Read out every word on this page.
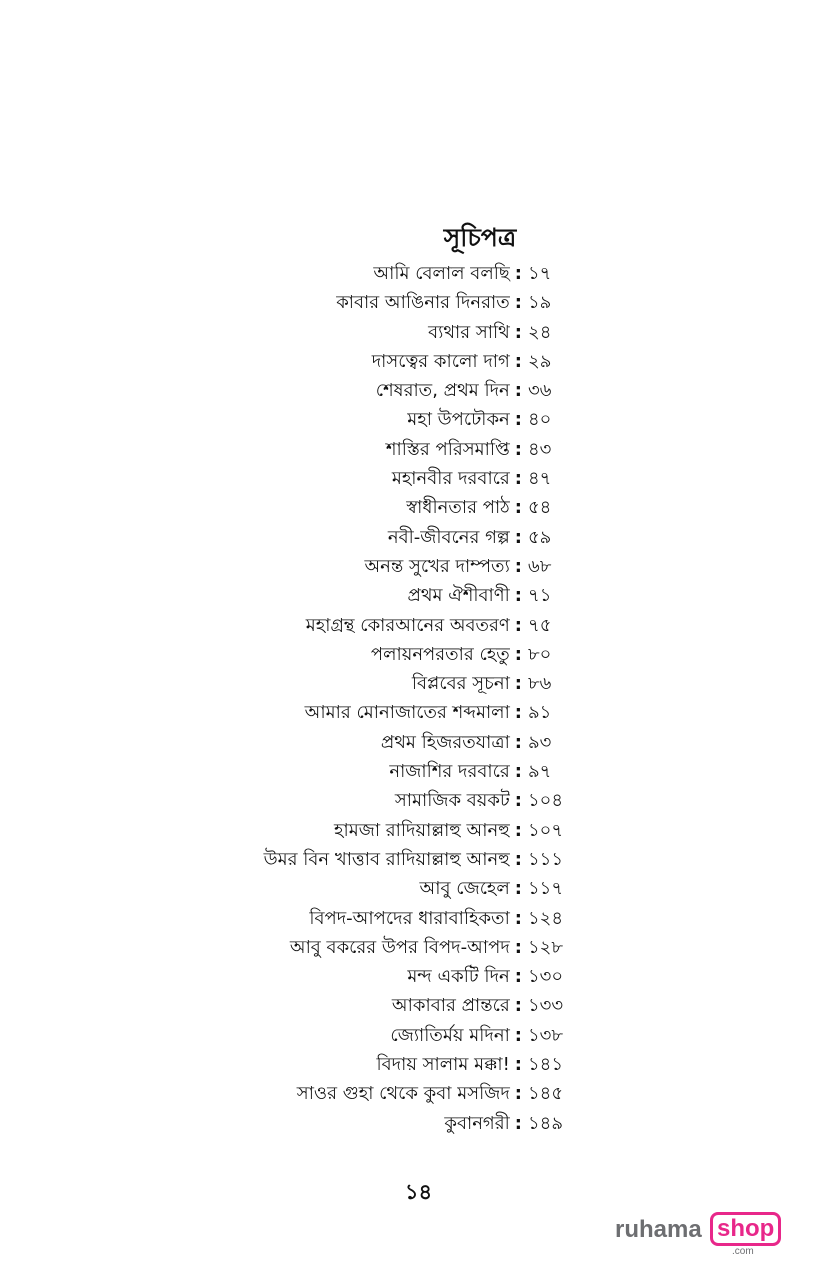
সূচিপত্র
আমি বেলাল বলছি : ১৭
কাবার আঙিনার দিনরাত : ১৯
ব্যথার সাথি : ২৪
দাসত্বের কালো দাগ : ২৯
শেষরাত, প্রথম দিন : ৩৬
মহা উপঢৌকন : ৪০
শাস্তির পরিসমাপ্তি : ৪৩
মহানবীর দরবারে : ৪৭
স্বাধীনতার পাঠ : ৫৪
নবী-জীবনের গল্প : ৫৯
অনন্ত সুখের দাম্পত্য : ৬৮
প্রথম ঐশীবাণী : ৭১
মহাগ্রন্থ কোরআনের অবতরণ : ৭৫
পলায়নপরতার হেতু : ৮০
বিপ্লবের সূচনা : ৮৬
আমার মোনাজাতের শব্দমালা : ৯১
প্রথম হিজরতযাত্রা : ৯৩
নাজাশির দরবারে : ৯৭
সামাজিক বয়কট : ১০৪
হামজা রাদিয়াল্লাহু আনহু : ১০৭
উমর বিন খাত্তাব রাদিয়াল্লাহু আনহু : ১১১
আবু জেহেল : ১১৭
বিপদ-আপদের ধারাবাহিকতা : ১২৪
আবু বকরের উপর বিপদ-আপদ : ১২৮
মন্দ একটি দিন : ১৩০
আকাবার প্রান্তরে : ১৩৩
জ্যোতির্ময় মদিনা : ১৩৮
বিদায় সালাম মক্কা! : ১৪১
সাওর গুহা থেকে কুবা মসজিদ : ১৪৫
কুবানগরী : ১৪৯
১৪
ruhama shop
.com
